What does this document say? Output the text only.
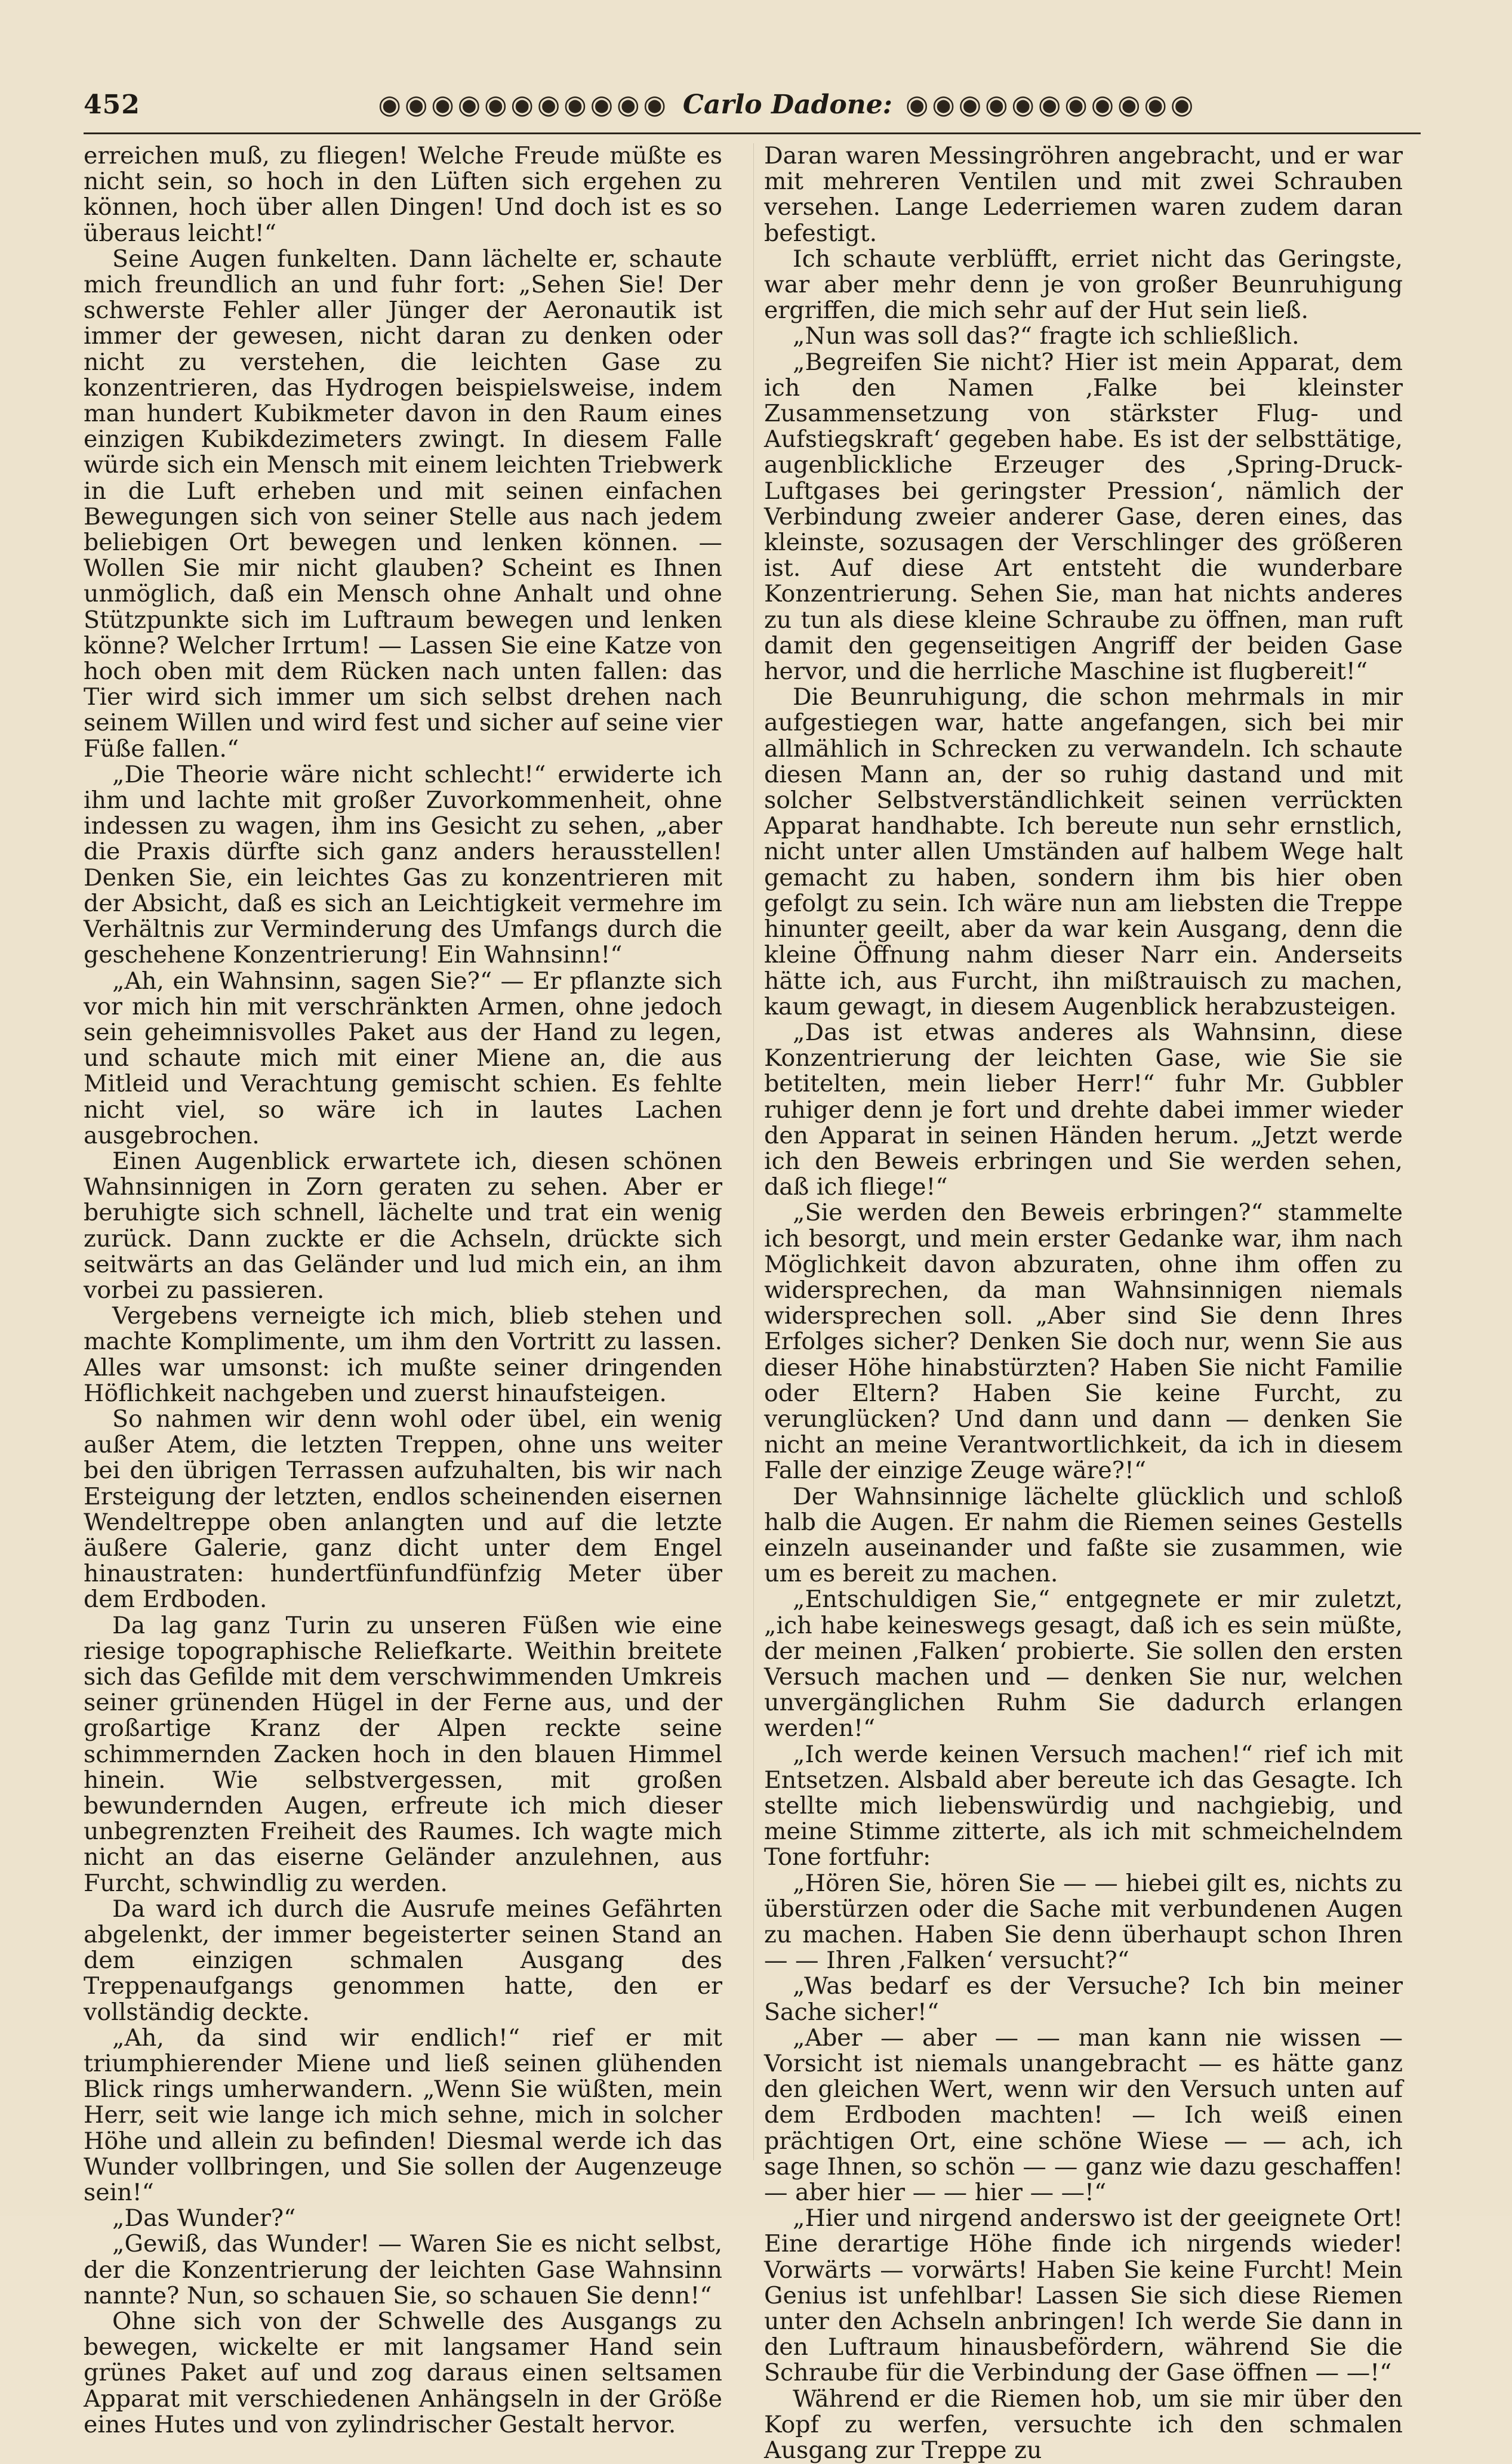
452	◉◉◉◉◉◉◉◉◉◉◉ Carlo Dadone: ◉◉◉◉◉◉◉◉◉◉◉

erreichen muß, zu fliegen! Welche Freude müßte es nicht sein, so hoch in den Lüften sich ergehen zu können, hoch über allen Dingen! Und doch ist es so überaus leicht!“

Seine Augen funkelten. Dann lächelte er, schaute mich freundlich an und fuhr fort: „Sehen Sie! Der schwerste Fehler aller Jünger der Aeronautik ist immer der gewesen, nicht daran zu denken oder nicht zu verstehen, die leichten Gase zu konzentrieren, das Hydrogen beispielsweise, indem man hundert Kubikmeter davon in den Raum eines einzigen Kubikdezimeters zwingt. In diesem Falle würde sich ein Mensch mit einem leichten Triebwerk in die Luft erheben und mit seinen einfachen Bewegungen sich von seiner Stelle aus nach jedem beliebigen Ort bewegen und lenken können. — Wollen Sie mir nicht glauben? Scheint es Ihnen unmöglich, daß ein Mensch ohne Anhalt und ohne Stützpunkte sich im Luftraum bewegen und lenken könne? Welcher Irrtum! — Lassen Sie eine Katze von hoch oben mit dem Rücken nach unten fallen: das Tier wird sich immer um sich selbst drehen nach seinem Willen und wird fest und sicher auf seine vier Füße fallen.“

„Die Theorie wäre nicht schlecht!“ erwiderte ich ihm und lachte mit großer Zuvorkommenheit, ohne indessen zu wagen, ihm ins Gesicht zu sehen, „aber die Praxis dürfte sich ganz anders herausstellen! Denken Sie, ein leichtes Gas zu konzentrieren mit der Absicht, daß es sich an Leichtigkeit vermehre im Verhältnis zur Verminderung des Umfangs durch die geschehene Konzentrierung! Ein Wahnsinn!“

„Ah, ein Wahnsinn, sagen Sie?“ — Er pflanzte sich vor mich hin mit verschränkten Armen, ohne jedoch sein geheimnisvolles Paket aus der Hand zu legen, und schaute mich mit einer Miene an, die aus Mitleid und Verachtung gemischt schien. Es fehlte nicht viel, so wäre ich in lautes Lachen ausgebrochen.

Einen Augenblick erwartete ich, diesen schönen Wahnsinnigen in Zorn geraten zu sehen. Aber er beruhigte sich schnell, lächelte und trat ein wenig zurück. Dann zuckte er die Achseln, drückte sich seitwärts an das Geländer und lud mich ein, an ihm vorbei zu passieren.

Vergebens verneigte ich mich, blieb stehen und machte Komplimente, um ihm den Vortritt zu lassen. Alles war umsonst: ich mußte seiner dringenden Höflichkeit nachgeben und zuerst hinaufsteigen.

So nahmen wir denn wohl oder übel, ein wenig außer Atem, die letzten Treppen, ohne uns weiter bei den übrigen Terrassen aufzuhalten, bis wir nach Ersteigung der letzten, endlos scheinenden eisernen Wendeltreppe oben anlangten und auf die letzte äußere Galerie, ganz dicht unter dem Engel hinaustraten: hundertfünfundfünfzig Meter über dem Erdboden.

Da lag ganz Turin zu unseren Füßen wie eine riesige topographische Reliefkarte. Weithin breitete sich das Gefilde mit dem verschwimmenden Umkreis seiner grünenden Hügel in der Ferne aus, und der großartige Kranz der Alpen reckte seine schimmernden Zacken hoch in den blauen Himmel hinein. Wie selbstvergessen, mit großen bewundernden Augen, erfreute ich mich dieser unbegrenzten Freiheit des Raumes. Ich wagte mich nicht an das eiserne Geländer anzulehnen, aus Furcht, schwindlig zu werden.

Da ward ich durch die Ausrufe meines Gefährten abgelenkt, der immer begeisterter seinen Stand an dem einzigen schmalen Ausgang des Treppenaufgangs genommen hatte, den er vollständig deckte.

„Ah, da sind wir endlich!“ rief er mit triumphierender Miene und ließ seinen glühenden Blick rings umherwandern. „Wenn Sie wüßten, mein Herr, seit wie lange ich mich sehne, mich in solcher Höhe und allein zu befinden! Diesmal werde ich das Wunder vollbringen, und Sie sollen der Augenzeuge sein!“

„Das Wunder?“

„Gewiß, das Wunder! — Waren Sie es nicht selbst, der die Konzentrierung der leichten Gase Wahnsinn nannte? Nun, so schauen Sie, so schauen Sie denn!“

Ohne sich von der Schwelle des Ausgangs zu bewegen, wickelte er mit langsamer Hand sein grünes Paket auf und zog daraus einen seltsamen Apparat mit verschiedenen Anhängseln in der Größe eines Hutes und von zylindrischer Gestalt hervor.

Daran waren Messingröhren angebracht, und er war mit mehreren Ventilen und mit zwei Schrauben versehen. Lange Lederriemen waren zudem daran befestigt.

Ich schaute verblüfft, erriet nicht das Geringste, war aber mehr denn je von großer Beunruhigung ergriffen, die mich sehr auf der Hut sein ließ.

„Nun was soll das?“ fragte ich schließlich.

„Begreifen Sie nicht? Hier ist mein Apparat, dem ich den Namen ‚Falke bei kleinster Zusammensetzung von stärkster Flug- und Aufstiegskraft‘ gegeben habe. Es ist der selbsttätige, augenblickliche Erzeuger des ‚Spring-Druck-Luftgases bei geringster Pression‘, nämlich der Verbindung zweier anderer Gase, deren eines, das kleinste, sozusagen der Verschlinger des größeren ist. Auf diese Art entsteht die wunderbare Konzentrierung. Sehen Sie, man hat nichts anderes zu tun als diese kleine Schraube zu öffnen, man ruft damit den gegenseitigen Angriff der beiden Gase hervor, und die herrliche Maschine ist flugbereit!“

Die Beunruhigung, die schon mehrmals in mir aufgestiegen war, hatte angefangen, sich bei mir allmählich in Schrecken zu verwandeln. Ich schaute diesen Mann an, der so ruhig dastand und mit solcher Selbstverständlichkeit seinen verrückten Apparat handhabte. Ich bereute nun sehr ernstlich, nicht unter allen Umständen auf halbem Wege halt gemacht zu haben, sondern ihm bis hier oben gefolgt zu sein. Ich wäre nun am liebsten die Treppe hinunter geeilt, aber da war kein Ausgang, denn die kleine Öffnung nahm dieser Narr ein. Anderseits hätte ich, aus Furcht, ihn mißtrauisch zu machen, kaum gewagt, in diesem Augenblick herabzusteigen.

„Das ist etwas anderes als Wahnsinn, diese Konzentrierung der leichten Gase, wie Sie sie betitelten, mein lieber Herr!“ fuhr Mr. Gubbler ruhiger denn je fort und drehte dabei immer wieder den Apparat in seinen Händen herum. „Jetzt werde ich den Beweis erbringen und Sie werden sehen, daß ich fliege!“

„Sie werden den Beweis erbringen?“ stammelte ich besorgt, und mein erster Gedanke war, ihm nach Möglichkeit davon abzuraten, ohne ihm offen zu widersprechen, da man Wahnsinnigen niemals widersprechen soll. „Aber sind Sie denn Ihres Erfolges sicher? Denken Sie doch nur, wenn Sie aus dieser Höhe hinabstürzten? Haben Sie nicht Familie oder Eltern? Haben Sie keine Furcht, zu verunglücken? Und dann und dann — denken Sie nicht an meine Verantwortlichkeit, da ich in diesem Falle der einzige Zeuge wäre?!“

Der Wahnsinnige lächelte glücklich und schloß halb die Augen. Er nahm die Riemen seines Gestells einzeln auseinander und faßte sie zusammen, wie um es bereit zu machen.

„Entschuldigen Sie,“ entgegnete er mir zuletzt, „ich habe keineswegs gesagt, daß ich es sein müßte, der meinen ‚Falken‘ probierte. Sie sollen den ersten Versuch machen und — denken Sie nur, welchen unvergänglichen Ruhm Sie dadurch erlangen werden!“

„Ich werde keinen Versuch machen!“ rief ich mit Entsetzen. Alsbald aber bereute ich das Gesagte. Ich stellte mich liebenswürdig und nachgiebig, und meine Stimme zitterte, als ich mit schmeichelndem Tone fortfuhr:

„Hören Sie, hören Sie — — hiebei gilt es, nichts zu überstürzen oder die Sache mit verbundenen Augen zu machen. Haben Sie denn überhaupt schon Ihren — — Ihren ‚Falken‘ versucht?“

„Was bedarf es der Versuche? Ich bin meiner Sache sicher!“

„Aber — aber — — man kann nie wissen — Vorsicht ist niemals unangebracht — es hätte ganz den gleichen Wert, wenn wir den Versuch unten auf dem Erdboden machten! — Ich weiß einen prächtigen Ort, eine schöne Wiese — — ach, ich sage Ihnen, so schön — — ganz wie dazu geschaffen! — aber hier — — hier — —!“

„Hier und nirgend anderswo ist der geeignete Ort! Eine derartige Höhe finde ich nirgends wieder! Vorwärts — vorwärts! Haben Sie keine Furcht! Mein Genius ist unfehlbar! Lassen Sie sich diese Riemen unter den Achseln anbringen! Ich werde Sie dann in den Luftraum hinausbefördern, während Sie die Schraube für die Verbindung der Gase öffnen — —!“

Während er die Riemen hob, um sie mir über den Kopf zu werfen, versuchte ich den schmalen Ausgang zur Treppe zu
